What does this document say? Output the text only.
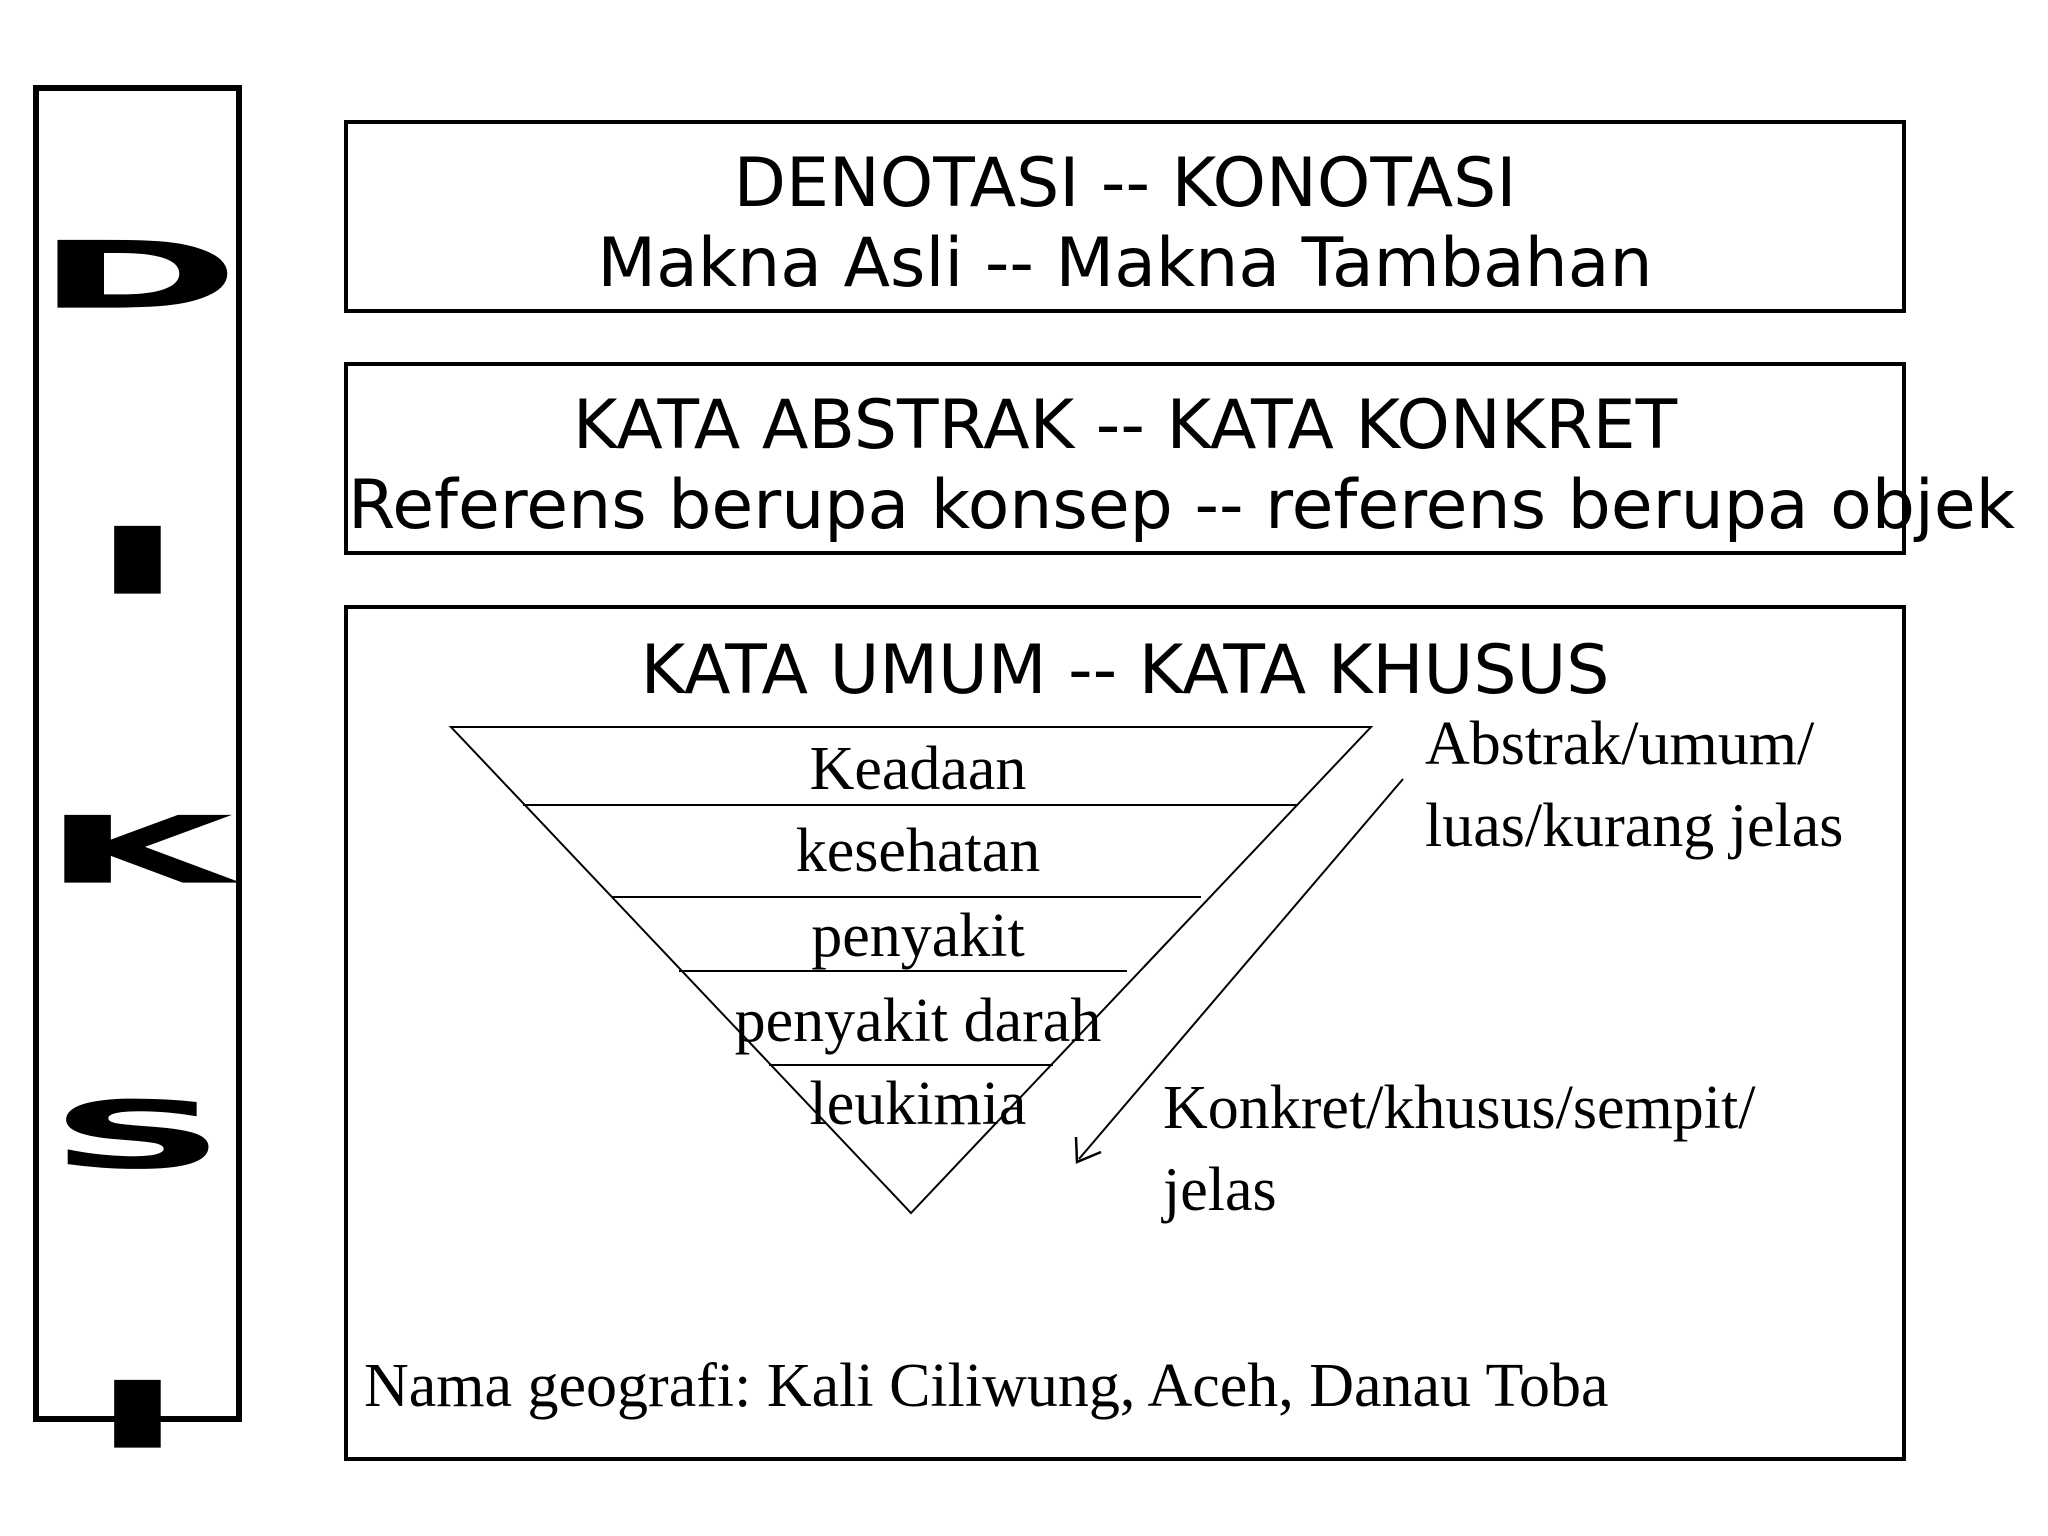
D
I
K
S
I
DENOTASI -- KONOTASI
Makna Asli -- Makna Tambahan
KATA ABSTRAK -- KATA KONKRET
Referens berupa konsep -- referens berupa objek
KATA UMUM -- KATA KHUSUS
Keadaan
kesehatan
penyakit
penyakit darah
leukimia
Abstrak/umum/
luas/kurang jelas
Konkret/khusus/sempit/
jelas
Nama geografi: Kali Ciliwung, Aceh, Danau Toba
